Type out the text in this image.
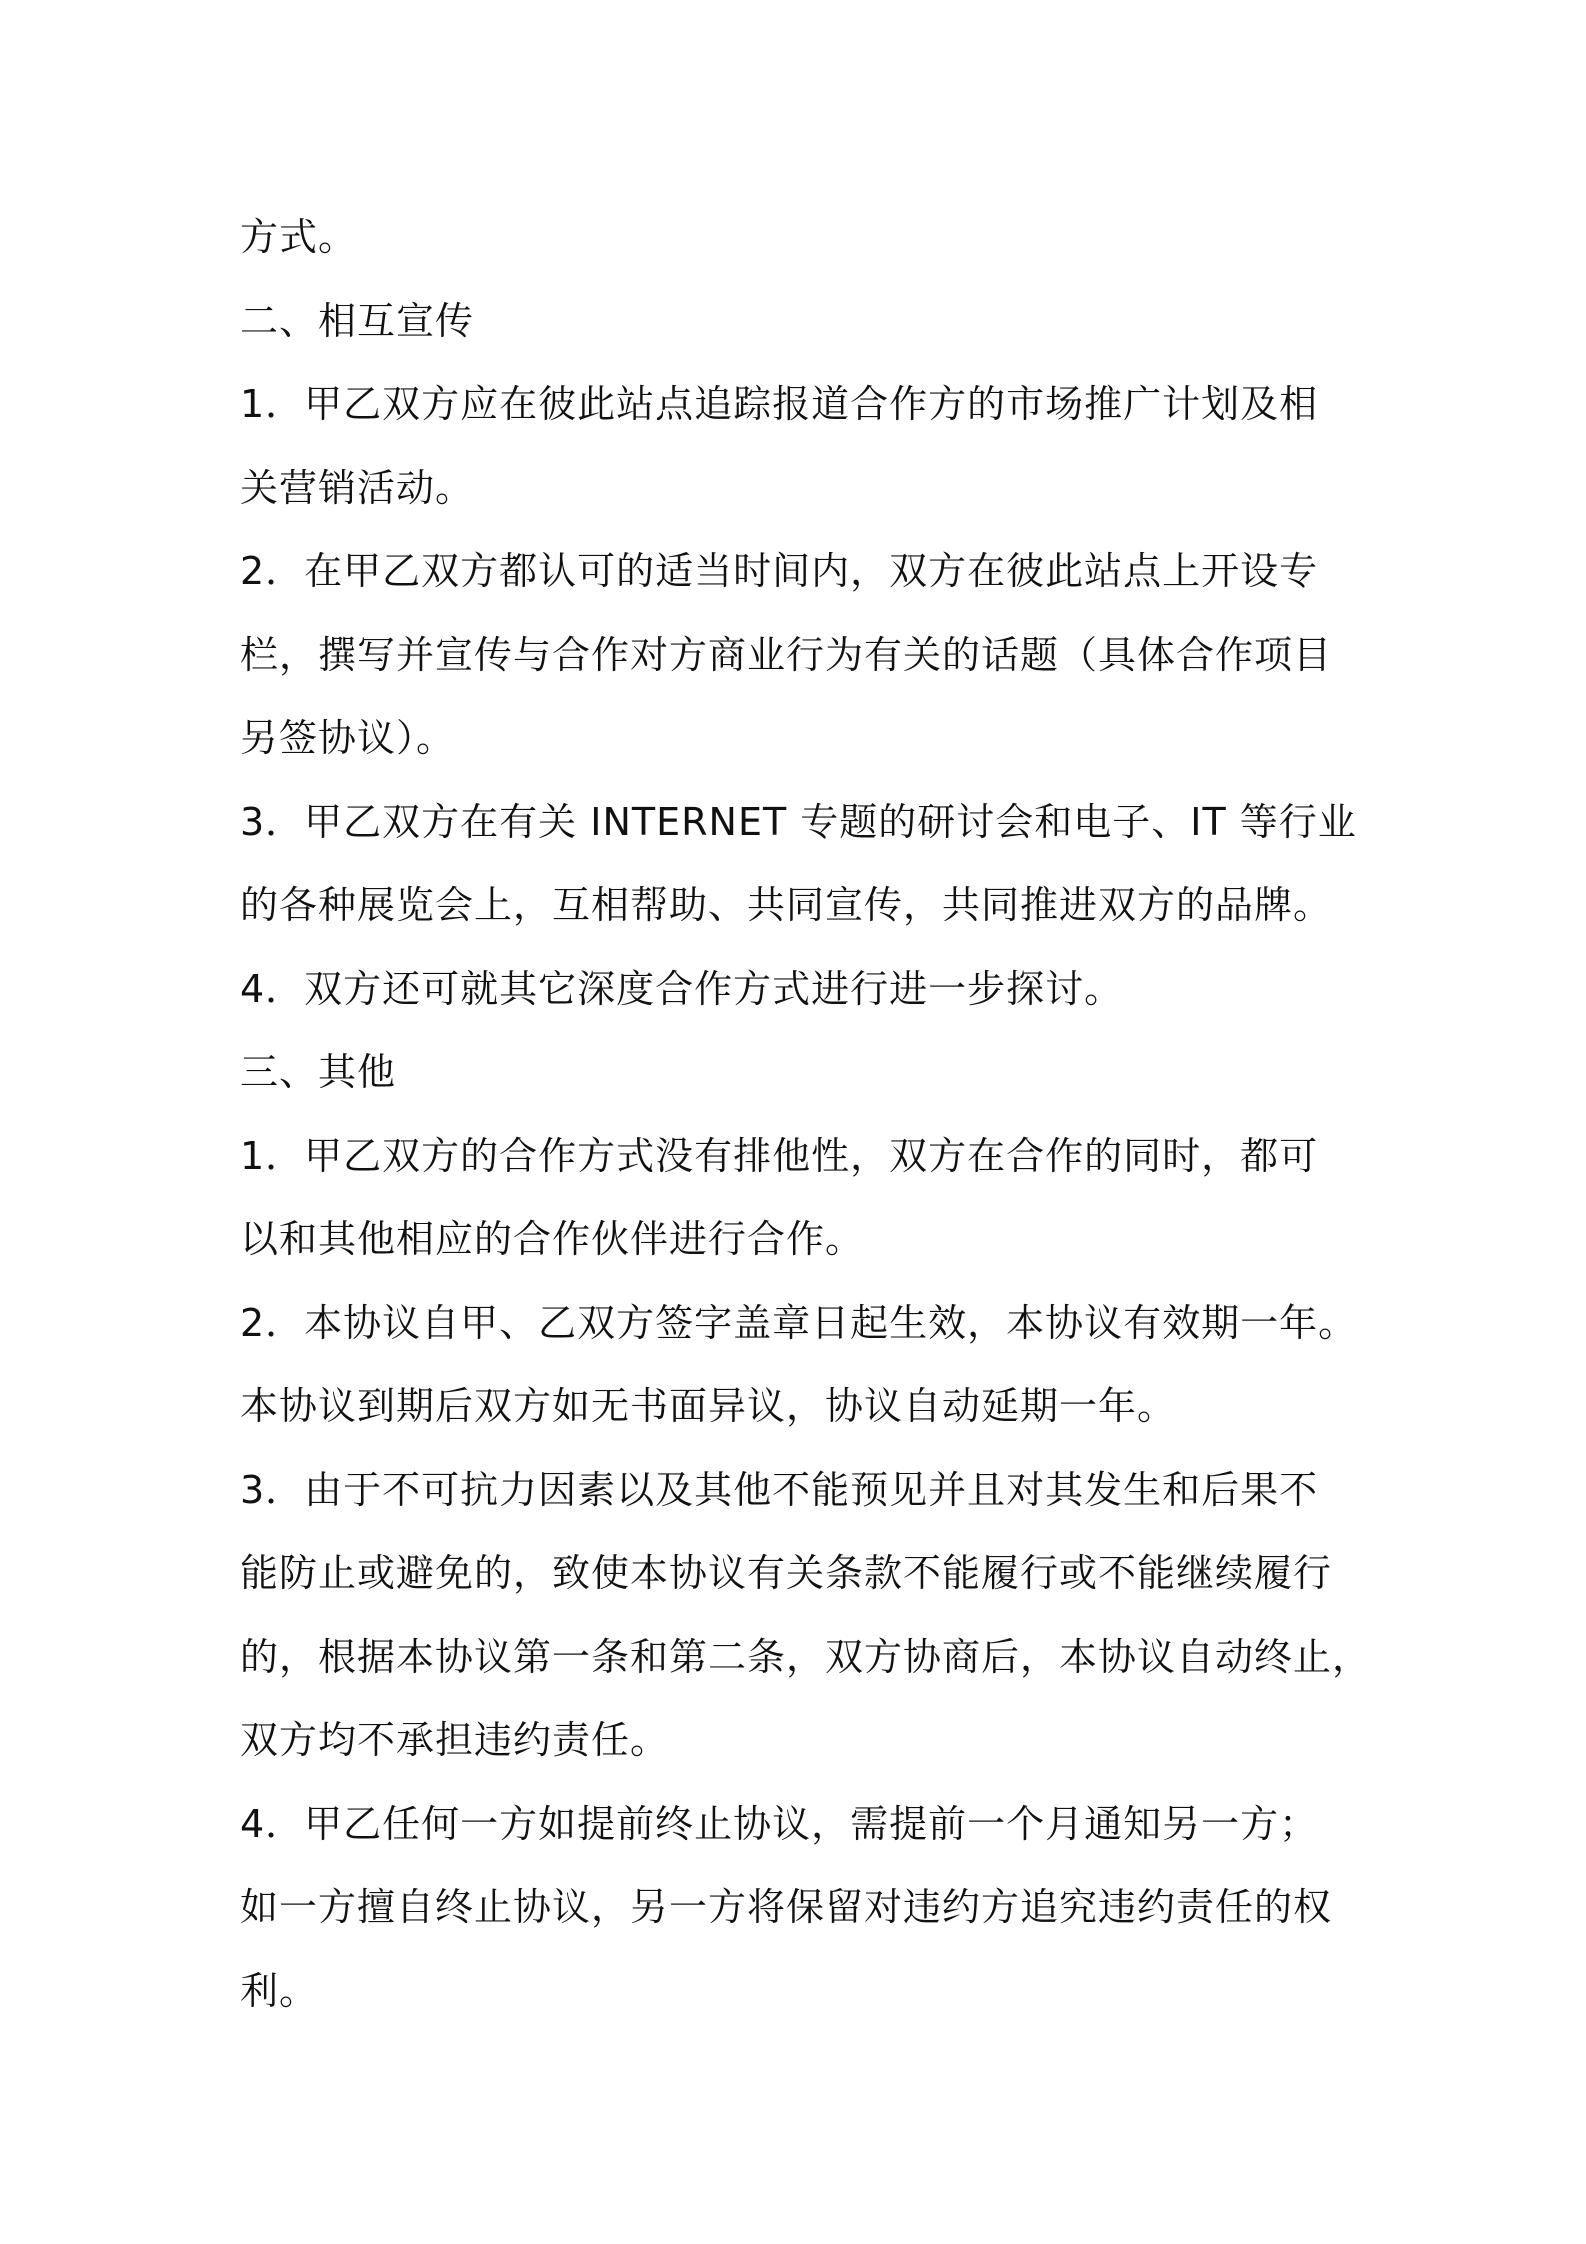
方式。
二、相互宣传
1．甲乙双方应在彼此站点追踪报道合作方的市场推广计划及相
关营销活动。
2．在甲乙双方都认可的适当时间内，双方在彼此站点上开设专
栏，撰写并宣传与合作对方商业行为有关的话题（具体合作项目
另签协议）。
3．甲乙双方在有关 INTERNET 专题的研讨会和电子、IT 等行业
的各种展览会上，互相帮助、共同宣传，共同推进双方的品牌。
4．双方还可就其它深度合作方式进行进一步探讨。
三、其他
1．甲乙双方的合作方式没有排他性，双方在合作的同时，都可
以和其他相应的合作伙伴进行合作。
2．本协议自甲、乙双方签字盖章日起生效，本协议有效期一年。
本协议到期后双方如无书面异议，协议自动延期一年。
3．由于不可抗力因素以及其他不能预见并且对其发生和后果不
能防止或避免的，致使本协议有关条款不能履行或不能继续履行
的，根据本协议第一条和第二条，双方协商后，本协议自动终止，
双方均不承担违约责任。
4．甲乙任何一方如提前终止协议，需提前一个月通知另一方；
如一方擅自终止协议，另一方将保留对违约方追究违约责任的权
利。
